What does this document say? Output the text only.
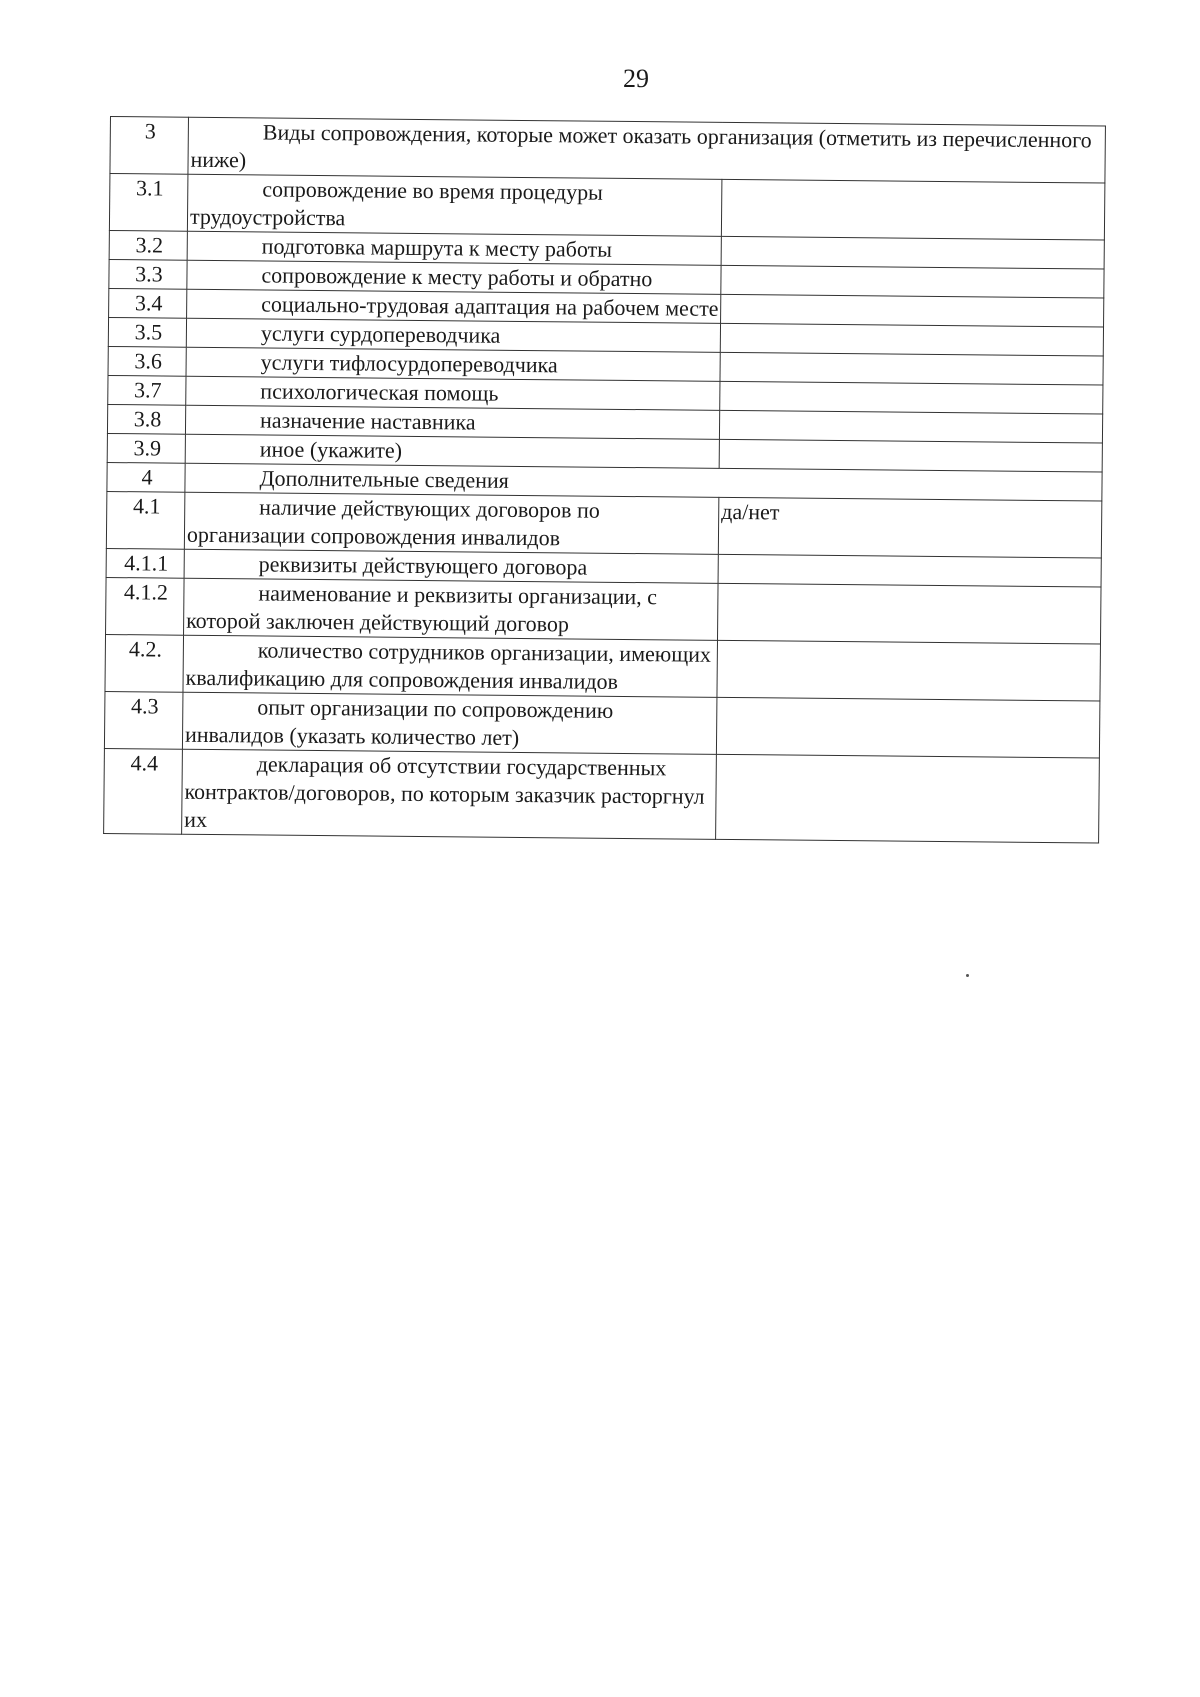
29
3	Виды сопровождения, которые может оказать организация (отметить из перечисленного ниже)	
3.1	сопровождение во время процедуры трудоустройства	
3.2	подготовка маршрута к месту работы	
3.3	сопровождение к месту работы и обратно	
3.4	социально-трудовая адаптация на рабочем месте	
3.5	услуги сурдопереводчика	
3.6	услуги тифлосурдопереводчика	
3.7	психологическая помощь	
3.8	назначение наставника	
3.9	иное (укажите)	
4	Дополнительные сведения	
4.1	наличие действующих договоров по организации сопровождения инвалидов	да/нет
4.1.1	реквизиты действующего договора	
4.1.2	наименование и реквизиты организации, с которой заключен действующий договор	
4.2.	количество сотрудников организации, имеющих квалификацию для сопровождения инвалидов	
4.3	опыт организации по сопровождению инвалидов (указать количество лет)	
4.4	декларация об отсутствии государственных контрактов/договоров, по которым заказчик расторгнул их	
